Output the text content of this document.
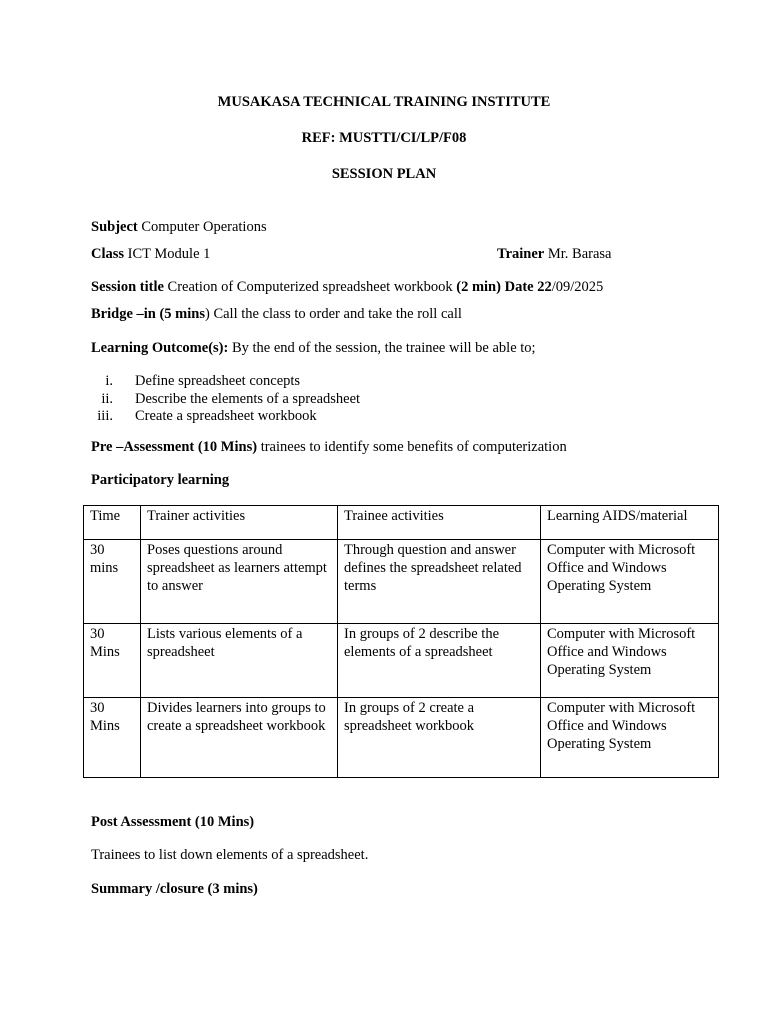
MUSAKASA TECHNICAL TRAINING INSTITUTE
REF: MUSTTI/CI/LP/F08
SESSION PLAN
Subject Computer Operations
Class ICT Module 1	Trainer Mr. Barasa
Session title Creation of Computerized spreadsheet workbook (2 min) Date 22/09/2025
Bridge –in (5 mins) Call the class to order and take the roll call
Learning Outcome(s): By the end of the session, the trainee will be able to;
i. Define spreadsheet concepts
ii. Describe the elements of a spreadsheet
iii. Create a spreadsheet workbook
Pre –Assessment (10 Mins) trainees to identify some benefits of computerization
Participatory learning
Time	Trainer activities	Trainee activities	Learning AIDS/material
30 mins	Poses questions around spreadsheet as learners attempt to answer	Through question and answer defines the spreadsheet related terms	Computer with Microsoft Office and Windows Operating System
30 Mins	Lists various elements of a spreadsheet	In groups of 2 describe the elements of a spreadsheet	Computer with Microsoft Office and Windows Operating System
30 Mins	Divides learners into groups to create a spreadsheet workbook	In groups of 2 create a spreadsheet workbook	Computer with Microsoft Office and Windows Operating System
Post Assessment (10 Mins)
Trainees to list down elements of a spreadsheet.
Summary /closure (3 mins)
